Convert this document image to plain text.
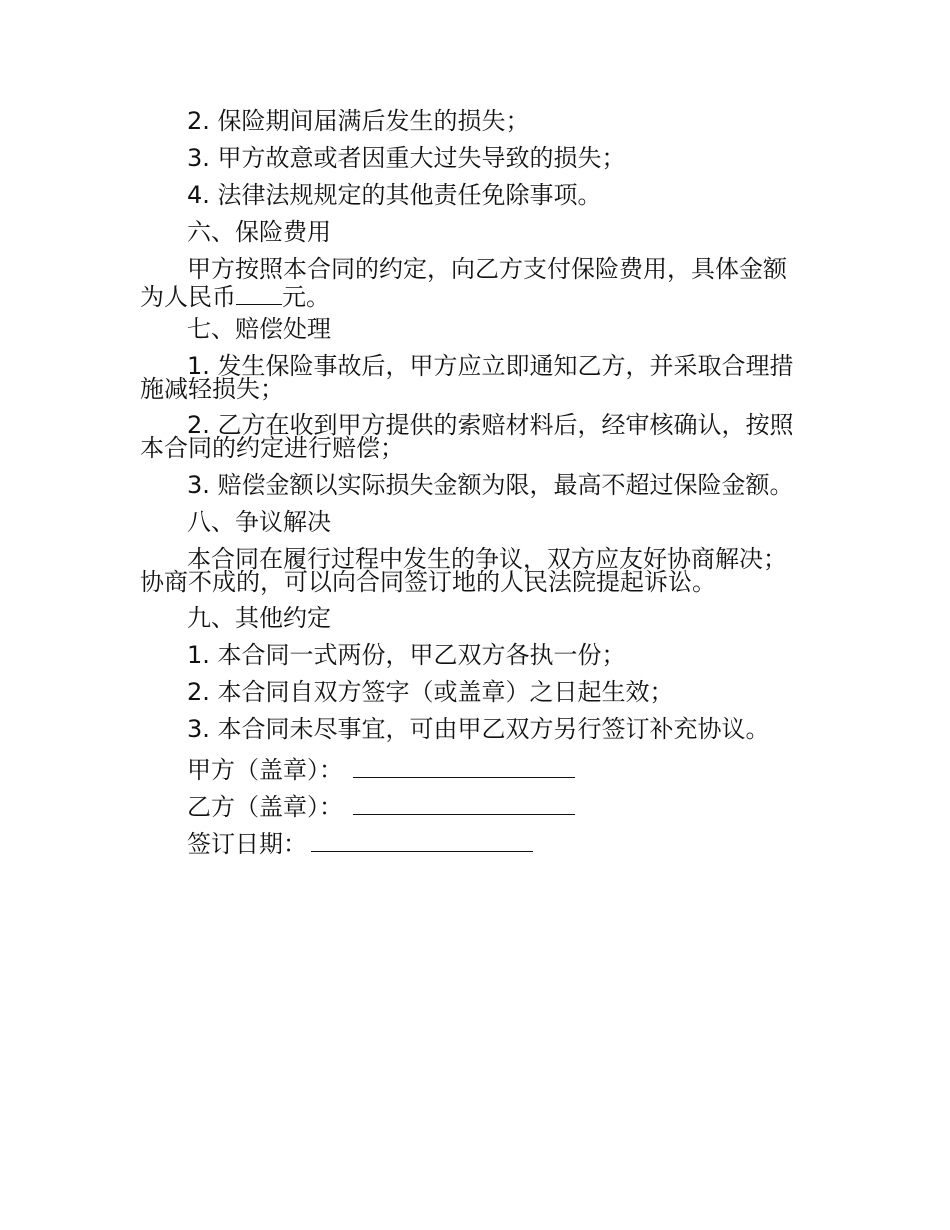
2. 保险期间届满后发生的损失；
3. 甲方故意或者因重大过失导致的损失；
4. 法律法规规定的其他责任免除事项。
六、保险费用
甲方按照本合同的约定，向乙方支付保险费用，具体金额
为人民币 元。
七、赔偿处理
1. 发生保险事故后，甲方应立即通知乙方，并采取合理措
施减轻损失；
2. 乙方在收到甲方提供的索赔材料后，经审核确认，按照
本合同的约定进行赔偿；
3. 赔偿金额以实际损失金额为限，最高不超过保险金额。
八、争议解决
本合同在履行过程中发生的争议，双方应友好协商解决；
协商不成的，可以向合同签订地的人民法院提起诉讼。
九、其他约定
1. 本合同一式两份，甲乙双方各执一份；
2. 本合同自双方签字（或盖章）之日起生效；
3. 本合同未尽事宜，可由甲乙双方另行签订补充协议。
甲方（盖章）：
乙方（盖章）：
签订日期：
